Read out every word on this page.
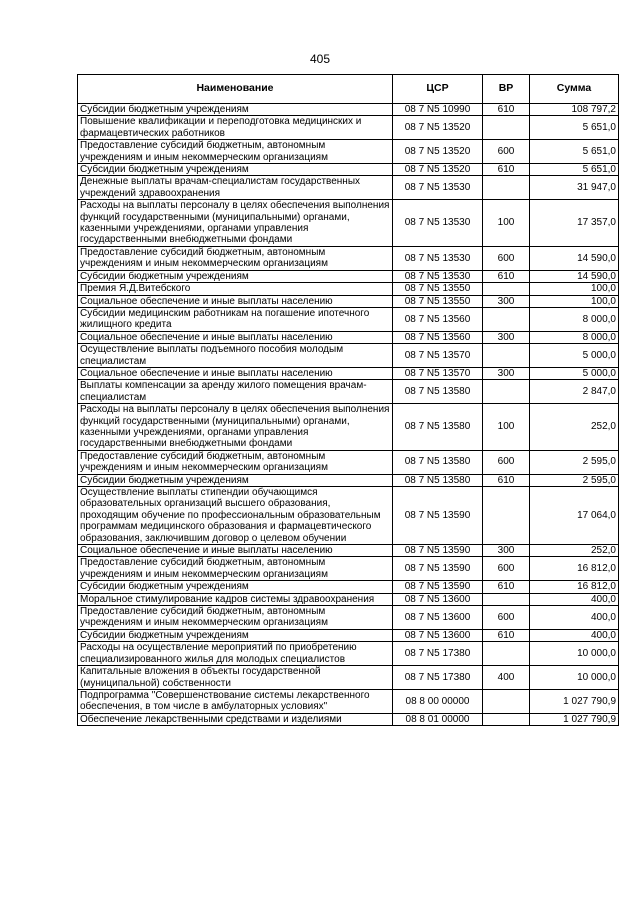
405
Наименование	ЦСР	ВР	Сумма
Субсидии бюджетным учреждениям	08 7 N5 10990	610	108 797,2
Повышение квалификации и переподготовка медицинских и фармацевтических работников	08 7 N5 13520		5 651,0
Предоставление субсидий бюджетным, автономным учреждениям и иным некоммерческим организациям	08 7 N5 13520	600	5 651,0
Субсидии бюджетным учреждениям	08 7 N5 13520	610	5 651,0
Денежные выплаты врачам-специалистам государственных учреждений здравоохранения	08 7 N5 13530		31 947,0
Расходы на выплаты персоналу в целях обеспечения выполнения функций государственными (муниципальными) органами, казенными учреждениями, органами управления государственными внебюджетными фондами	08 7 N5 13530	100	17 357,0
Предоставление субсидий бюджетным, автономным учреждениям и иным некоммерческим организациям	08 7 N5 13530	600	14 590,0
Субсидии бюджетным учреждениям	08 7 N5 13530	610	14 590,0
Премия Я.Д.Витебского	08 7 N5 13550		100,0
Социальное обеспечение и иные выплаты населению	08 7 N5 13550	300	100,0
Субсидии медицинским работникам на погашение ипотечного жилищного кредита	08 7 N5 13560		8 000,0
Социальное обеспечение и иные выплаты населению	08 7 N5 13560	300	8 000,0
Осуществление выплаты подъемного пособия молодым специалистам	08 7 N5 13570		5 000,0
Социальное обеспечение и иные выплаты населению	08 7 N5 13570	300	5 000,0
Выплаты компенсации за аренду жилого помещения врачам-специалистам	08 7 N5 13580		2 847,0
Расходы на выплаты персоналу в целях обеспечения выполнения функций государственными (муниципальными) органами, казенными учреждениями, органами управления государственными внебюджетными фондами	08 7 N5 13580	100	252,0
Предоставление субсидий бюджетным, автономным учреждениям и иным некоммерческим организациям	08 7 N5 13580	600	2 595,0
Субсидии бюджетным учреждениям	08 7 N5 13580	610	2 595,0
Осуществление выплаты стипендии обучающимся образовательных организаций высшего образования, проходящим обучение по профессиональным образовательным программам медицинского образования и фармацевтического образования, заключившим договор о целевом обучении	08 7 N5 13590		17 064,0
Социальное обеспечение и иные выплаты населению	08 7 N5 13590	300	252,0
Предоставление субсидий бюджетным, автономным учреждениям и иным некоммерческим организациям	08 7 N5 13590	600	16 812,0
Субсидии бюджетным учреждениям	08 7 N5 13590	610	16 812,0
Моральное стимулирование кадров системы здравоохранения	08 7 N5 13600		400,0
Предоставление субсидий бюджетным, автономным учреждениям и иным некоммерческим организациям	08 7 N5 13600	600	400,0
Субсидии бюджетным учреждениям	08 7 N5 13600	610	400,0
Расходы на осуществление мероприятий по приобретению специализированного жилья для молодых специалистов	08 7 N5 17380		10 000,0
Капитальные вложения в объекты государственной (муниципальной) собственности	08 7 N5 17380	400	10 000,0
Подпрограмма "Совершенствование системы лекарственного обеспечения, в том числе в амбулаторных условиях"	08 8 00 00000		1 027 790,9
Обеспечение лекарственными средствами и изделиями	08 8 01 00000		1 027 790,9
